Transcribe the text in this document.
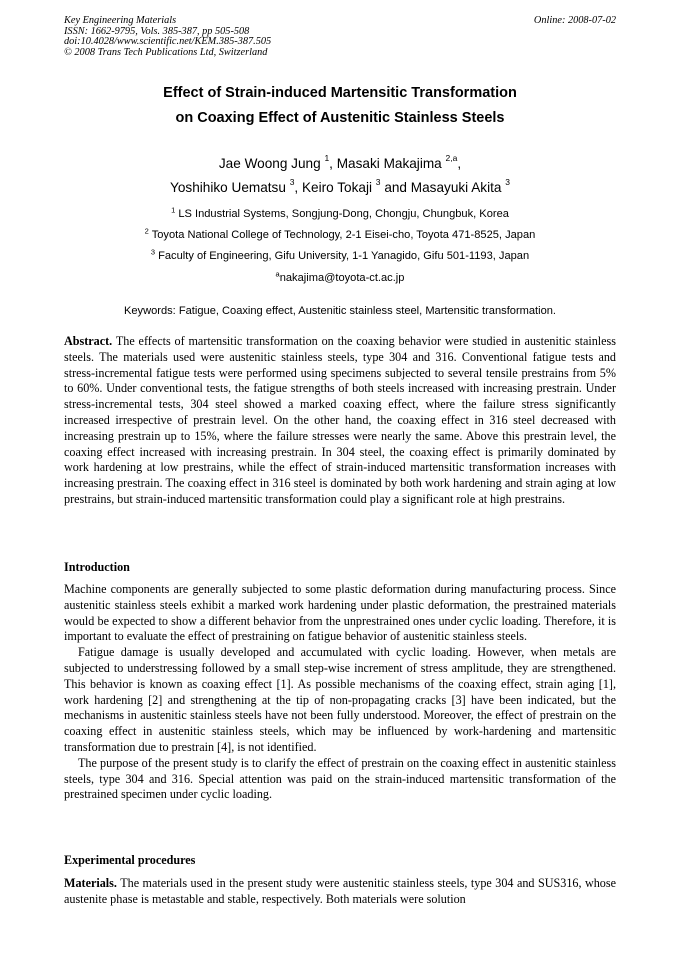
Key Engineering Materials
ISSN: 1662-9795, Vols. 385-387, pp 505-508
doi:10.4028/www.scientific.net/KEM.385-387.505
© 2008 Trans Tech Publications Ltd, Switzerland
Online: 2008-07-02
Effect of Strain-induced Martensitic Transformation
on Coaxing Effect of Austenitic Stainless Steels
Jae Woong Jung $^1$, Masaki Makajima $^{2,a}$,
Yoshihiko Uematsu $^3$, Keiro Tokaji $^3$ and Masayuki Akita $^3$
$^1$ LS Industrial Systems, Songjung-Dong, Chongju, Chungbuk, Korea
$^2$ Toyota National College of Technology, 2-1 Eisei-cho, Toyota 471-8525, Japan
$^3$ Faculty of Engineering, Gifu University, 1-1 Yanagido, Gifu 501-1193, Japan
$^a$nakajima@toyota-ct.ac.jp
Keywords: Fatigue, Coaxing effect, Austenitic stainless steel, Martensitic transformation.
Abstract. The effects of martensitic transformation on the coaxing behavior were studied in austenitic stainless steels. The materials used were austenitic stainless steels, type 304 and 316. Conventional fatigue tests and stress-incremental fatigue tests were performed using specimens subjected to several tensile prestrains from 5% to 60%. Under conventional tests, the fatigue strengths of both steels increased with increasing prestrain. Under stress-incremental tests, 304 steel showed a marked coaxing effect, where the failure stress significantly increased irrespective of prestrain level. On the other hand, the coaxing effect in 316 steel decreased with increasing prestrain up to 15%, where the failure stresses were nearly the same. Above this prestrain level, the coaxing effect increased with increasing prestrain. In 304 steel, the coaxing effect is primarily dominated by work hardening at low prestrains, while the effect of strain-induced martensitic transformation increases with increasing prestrain. The coaxing effect in 316 steel is dominated by both work hardening and strain aging at low prestrains, but strain-induced martensitic transformation could play a significant role at high prestrains.
Introduction

Machine components are generally subjected to some plastic deformation during manufacturing process. Since austenitic stainless steels exhibit a marked work hardening under plastic deformation, the prestrained materials would be expected to show a different behavior from the unprestrained ones under cyclic loading. Therefore, it is important to evaluate the effect of prestraining on fatigue behavior of austenitic stainless steels.

Fatigue damage is usually developed and accumulated with cyclic loading. However, when metals are subjected to understressing followed by a small step-wise increment of stress amplitude, they are strengthened. This behavior is known as coaxing effect [1]. As possible mechanisms of the coaxing effect, strain aging [1], work hardening [2] and strengthening at the tip of non-propagating cracks [3] have been indicated, but the mechanisms in austenitic stainless steels have not been fully understood. Moreover, the effect of prestrain on the coaxing effect in austenitic stainless steels, which may be influenced by work-hardening and martensitic transformation due to prestrain [4], is not identified.

The purpose of the present study is to clarify the effect of prestrain on the coaxing effect in austenitic stainless steels, type 304 and 316. Special attention was paid on the strain-induced martensitic transformation of the prestrained specimen under cyclic loading.

Experimental procedures
Materials. The materials used in the present study were austenitic stainless steels, type 304 and SUS316, whose austenite phase is metastable and stable, respectively. Both materials were solution
